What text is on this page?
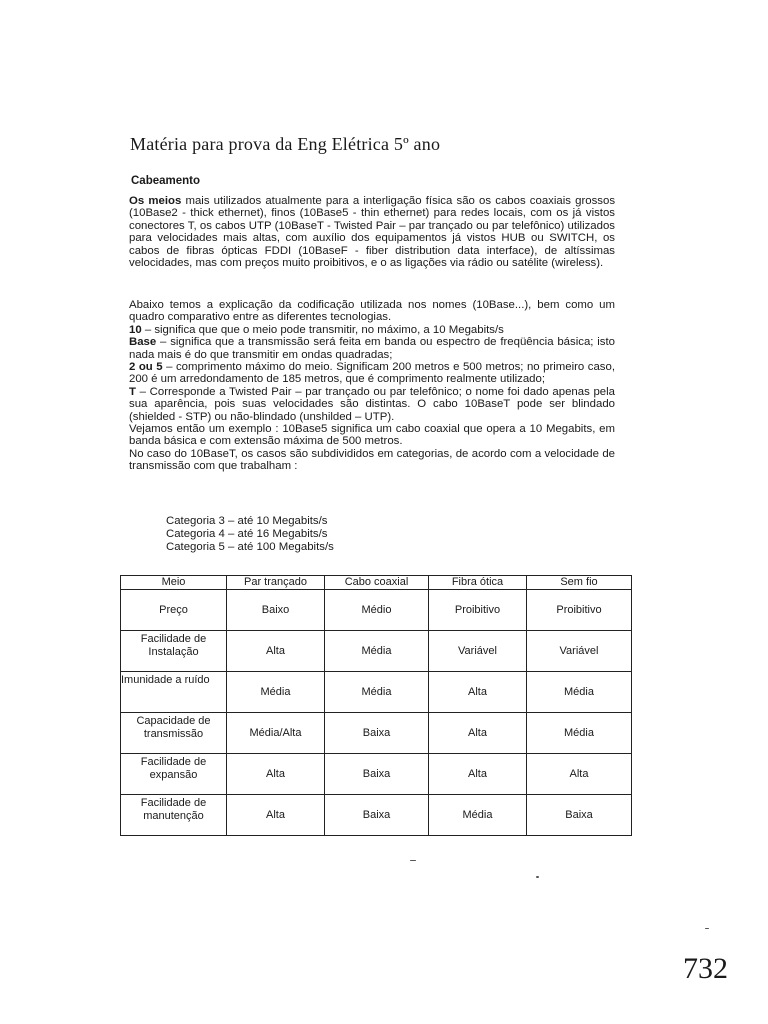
Matéria para prova da Eng Elétrica 5º ano
Cabeamento

Os meios mais utilizados atualmente para a interligação física são os cabos coaxiais grossos (10Base2 - thick ethernet), finos (10Base5 - thin ethernet) para redes locais, com os já vistos conectores T, os cabos UTP (10BaseT - Twisted Pair – par trançado ou par telefônico) utilizados para velocidades mais altas, com auxílio dos equipamentos já vistos HUB ou SWITCH, os cabos de fibras ópticas FDDI (10BaseF - fiber distribution data interface), de altíssimas velocidades, mas com preços muito proibitivos, e o as ligações via rádio ou satélite (wireless).

Abaixo temos a explicação da codificação utilizada nos nomes (10Base...), bem como um quadro comparativo entre as diferentes tecnologias.

10 – significa que que o meio pode transmitir, no máximo, a 10 Megabits/s

Base – significa que a transmissão será feita em banda ou espectro de freqüência básica; isto nada mais é do que transmitir em ondas quadradas;

2 ou 5 – comprimento máximo do meio. Significam 200 metros e 500 metros; no primeiro caso, 200 é um arredondamento de 185 metros, que é comprimento realmente utilizado;

T – Corresponde a Twisted Pair – par trançado ou par telefônico; o nome foi dado apenas pela sua aparência, pois suas velocidades são distintas. O cabo 10BaseT pode ser blindado (shielded - STP) ou não-blindado (unshilded – UTP).

Vejamos então um exemplo : 10Base5 significa um cabo coaxial que opera a 10 Megabits, em banda básica e com extensão máxima de 500 metros.

No caso do 10BaseT, os casos são subdivididos em categorias, de acordo com a velocidade de transmissão com que trabalham :

Categoria 3 – até 10 Megabits/s
Categoria 4 – até 16 Megabits/s
Categoria 5 – até 100 Megabits/s
Meio	Par trançado	Cabo coaxial	Fibra ótica	Sem fio
Preço	Baixo	Médio	Proibitivo	Proibitivo
Facilidade de Instalação	Alta	Média	Variável	Variável
Imunidade a ruído	Média	Média	Alta	Média
Capacidade de transmissão	Média/Alta	Baixa	Alta	Média
Facilidade de expansão	Alta	Baixa	Alta	Alta
Facilidade de manutenção	Alta	Baixa	Média	Baixa
732
